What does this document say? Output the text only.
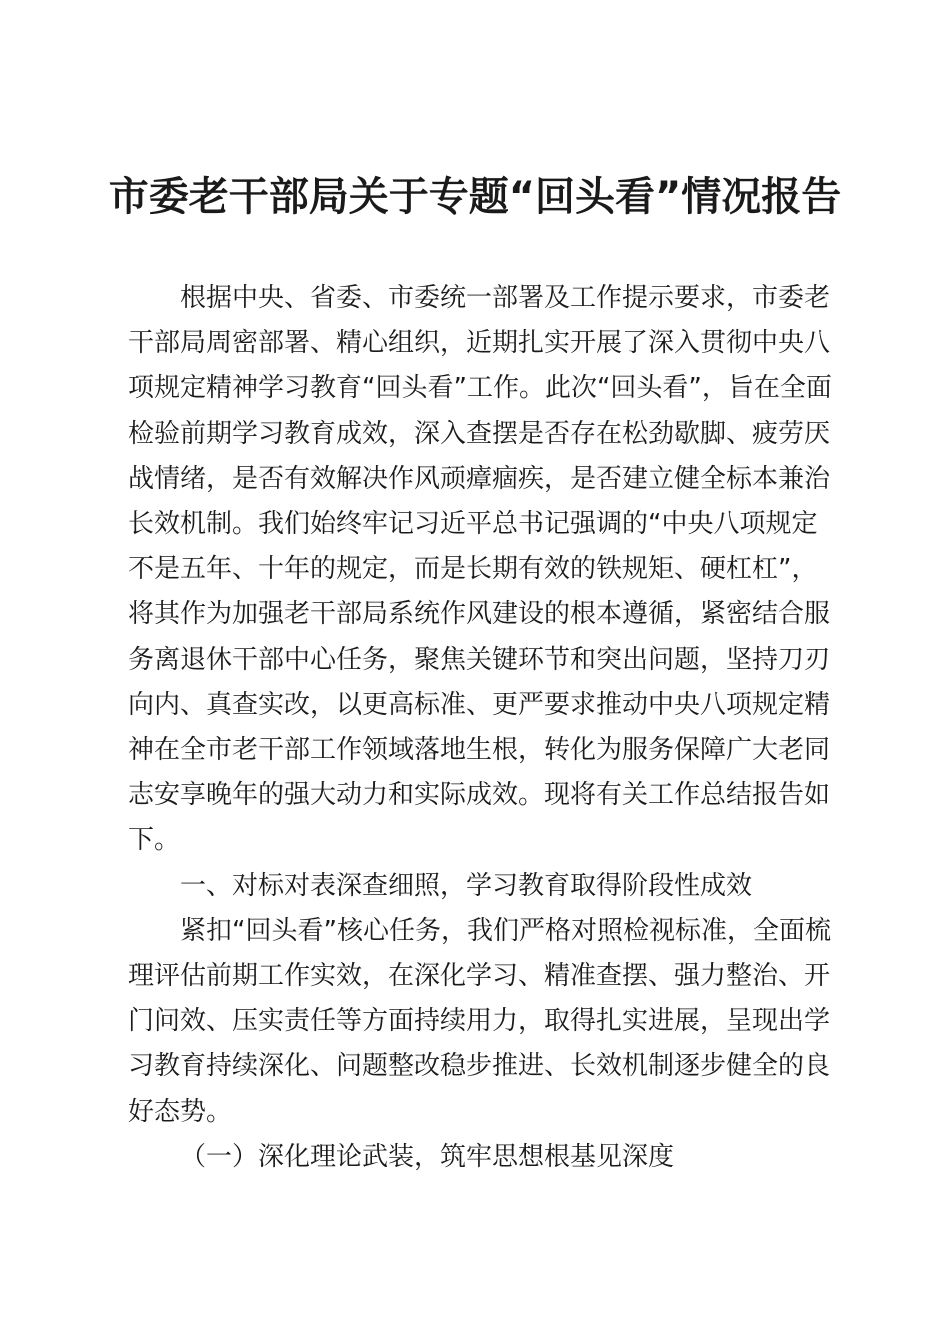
市委老干部局关于专题“回头看”情况报告

根据中央、省委、市委统一部署及工作提示要求，市委老干部局周密部署、精心组织，近期扎实开展了深入贯彻中央八项规定精神学习教育“回头看”工作。此次“回头看”，旨在全面检验前期学习教育成效，深入查摆是否存在松劲歇脚、疲劳厌战情绪，是否有效解决作风顽瘴痼疾，是否建立健全标本兼治长效机制。我们始终牢记习近平总书记强调的“中央八项规定不是五年、十年的规定，而是长期有效的铁规矩、硬杠杠”，将其作为加强老干部局系统作风建设的根本遵循，紧密结合服务离退休干部中心任务，聚焦关键环节和突出问题，坚持刀刃向内、真查实改，以更高标准、更严要求推动中央八项规定精神在全市老干部工作领域落地生根，转化为服务保障广大老同志安享晚年的强大动力和实际成效。现将有关工作总结报告如下。

一、对标对表深查细照，学习教育取得阶段性成效

紧扣“回头看”核心任务，我们严格对照检视标准，全面梳理评估前期工作实效，在深化学习、精准查摆、强力整治、开门问效、压实责任等方面持续用力，取得扎实进展，呈现出学习教育持续深化、问题整改稳步推进、长效机制逐步健全的良好态势。

（一）深化理论武装，筑牢思想根基见深度
